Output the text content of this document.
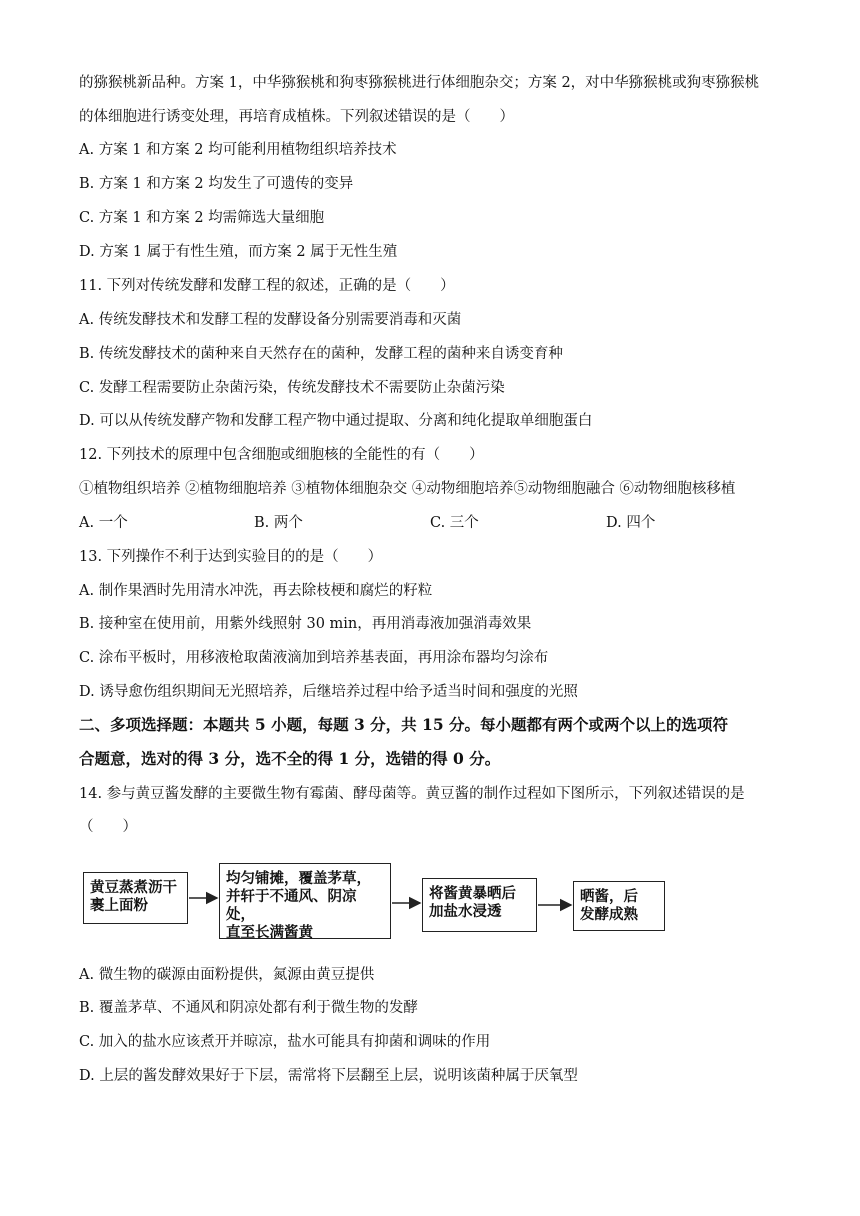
的猕猴桃新品种。方案 1，中华猕猴桃和狗枣猕猴桃进行体细胞杂交；方案 2，对中华猕猴桃或狗枣猕猴桃
的体细胞进行诱变处理，再培育成植株。下列叙述错误的是（　　）
A. 方案 1 和方案 2 均可能利用植物组织培养技术
B. 方案 1 和方案 2 均发生了可遗传的变异
C. 方案 1 和方案 2 均需筛选大量细胞
D. 方案 1 属于有性生殖，而方案 2 属于无性生殖
11. 下列对传统发酵和发酵工程的叙述，正确的是（　　）
A. 传统发酵技术和发酵工程的发酵设备分别需要消毒和灭菌
B. 传统发酵技术的菌种来自天然存在的菌种，发酵工程的菌种来自诱变育种
C. 发酵工程需要防止杂菌污染，传统发酵技术不需要防止杂菌污染
D. 可以从传统发酵产物和发酵工程产物中通过提取、分离和纯化提取单细胞蛋白
12. 下列技术的原理中包含细胞或细胞核的全能性的有（　　）
①植物组织培养 ②植物细胞培养 ③植物体细胞杂交 ④动物细胞培养⑤动物细胞融合 ⑥动物细胞核移植
A. 一个	B. 两个	C. 三个	D. 四个
13. 下列操作不利于达到实验目的的是（　　）
A. 制作果酒时先用清水冲洗，再去除枝梗和腐烂的籽粒
B. 接种室在使用前，用紫外线照射 30 min，再用消毒液加强消毒效果
C. 涂布平板时，用移液枪取菌液滴加到培养基表面，再用涂布器均匀涂布
D. 诱导愈伤组织期间无光照培养，后继培养过程中给予适当时间和强度的光照
二、多项选择题：本题共 5 小题，每题 3 分，共 15 分。每小题都有两个或两个以上的选项符
合题意，选对的得 3 分，选不全的得 1 分，选错的得 0 分。
14. 参与黄豆酱发酵的主要微生物有霉菌、酵母菌等。黄豆酱的制作过程如下图所示，下列叙述错误的是
（　　）
黄豆蒸煮沥干
裹上面粉
均匀铺摊，覆盖茅草，
并轩于不通风、阴凉处，
直至长满酱黄
将酱黄暴晒后
加盐水浸透
晒酱，后
发酵成熟
A. 微生物的碳源由面粉提供，氮源由黄豆提供
B. 覆盖茅草、不通风和阴凉处都有利于微生物的发酵
C. 加入的盐水应该煮开并晾凉，盐水可能具有抑菌和调味的作用
D. 上层的酱发酵效果好于下层，需常将下层翻至上层，说明该菌种属于厌氧型
